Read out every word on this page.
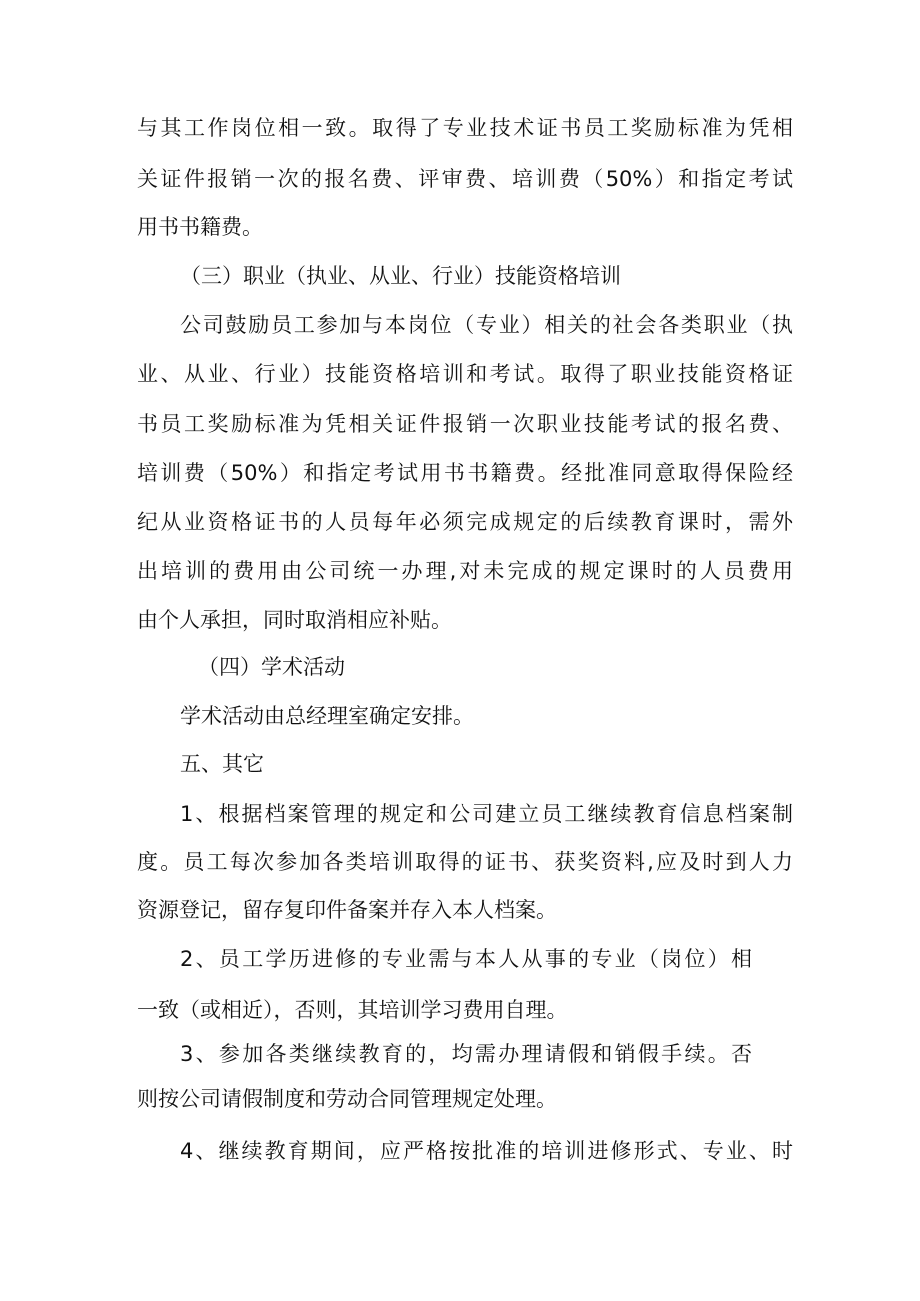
与其工作岗位相一致。取得了专业技术证书员工奖励标准为凭相
关证件报销一次的报名费、评审费、培训费（50%）和指定考试
用书书籍费。
（三）职业（执业、从业、行业）技能资格培训
公司鼓励员工参加与本岗位（专业）相关的社会各类职业（执
业、从业、行业）技能资格培训和考试。取得了职业技能资格证
书员工奖励标准为凭相关证件报销一次职业技能考试的报名费、
培训费（50%）和指定考试用书书籍费。经批准同意取得保险经
纪从业资格证书的人员每年必须完成规定的后续教育课时，需外
出培训的费用由公司统一办理,对未完成的规定课时的人员费用
由个人承担，同时取消相应补贴。
（四）学术活动
学术活动由总经理室确定安排。
五、其它
1、根据档案管理的规定和公司建立员工继续教育信息档案制
度。员工每次参加各类培训取得的证书、获奖资料,应及时到人力
资源登记，留存复印件备案并存入本人档案。
2、员工学历进修的专业需与本人从事的专业（岗位）相
一致（或相近），否则，其培训学习费用自理。
3、参加各类继续教育的，均需办理请假和销假手续。否
则按公司请假制度和劳动合同管理规定处理。
4、继续教育期间，应严格按批准的培训进修形式、专业、时
